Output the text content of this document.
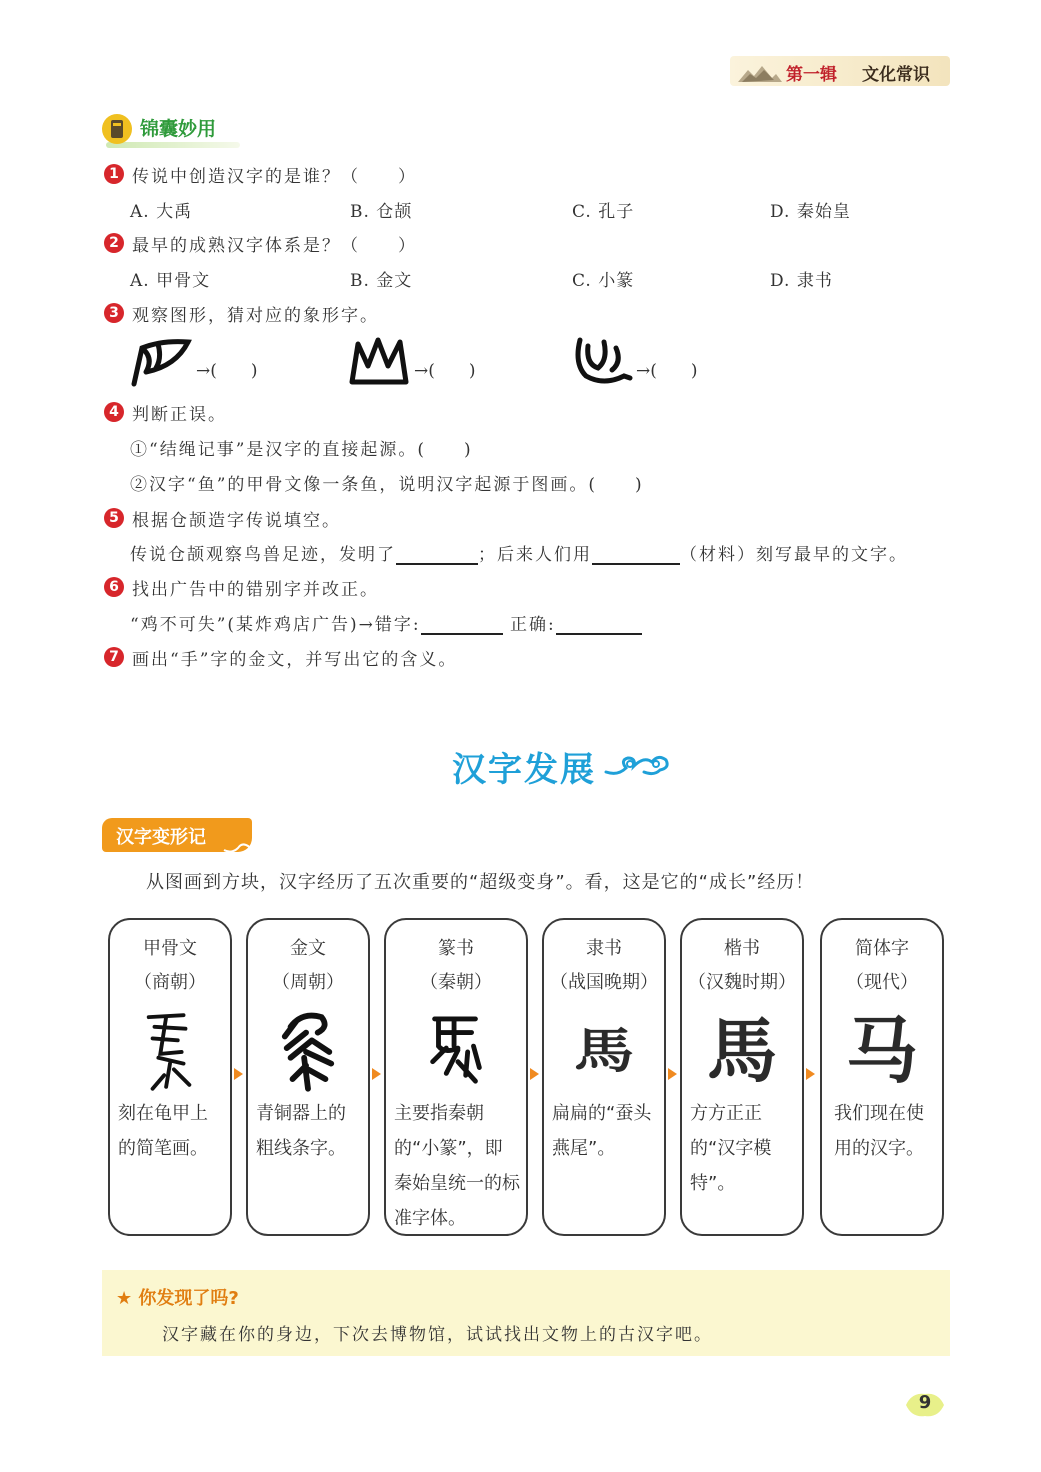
第一辑 文化常识
锦囊妙用
1 传说中创造汉字的是谁？（　　）
A. 大禹	B. 仓颉	C. 孔子	D. 秦始皇
2 最早的成熟汉字体系是？（　　）
A. 甲骨文	B. 金文	C. 小篆	D. 隶书
3 观察图形，猜对应的象形字。
→(　　)	→(　　)	→(　　)
4 判断正误。
①“结绳记事”是汉字的直接起源。(　　)
②汉字“鱼”的甲骨文像一条鱼，说明汉字起源于图画。(　　)
5 根据仓颉造字传说填空。
传说仓颉观察鸟兽足迹，发明了	；后来人们用	（材料）刻写最早的文字。
6 找出广告中的错别字并改正。
“鸡不可失”(某炸鸡店广告)→错字:	正确:
7 画出“手”字的金文，并写出它的含义。
汉字发展
汉字变形记
从图画到方块，汉字经历了五次重要的“超级变身”。看，这是它的“成长”经历！
甲骨文
（商朝）
刻在龟甲上的简笔画。
金文
（周朝）
青铜器上的粗线条字。
篆书
（秦朝）
主要指秦朝的“小篆”，即秦始皇统一的标准字体。
隶书
（战国晚期）
馬
扁扁的“蚕头燕尾”。
楷书
（汉魏时期）
馬
方方正正的“汉字模特”。
简体字
（现代）
马
我们现在使用的汉字。
★ 你发现了吗?
汉字藏在你的身边，下次去博物馆，试试找出文物上的古汉字吧。
9
